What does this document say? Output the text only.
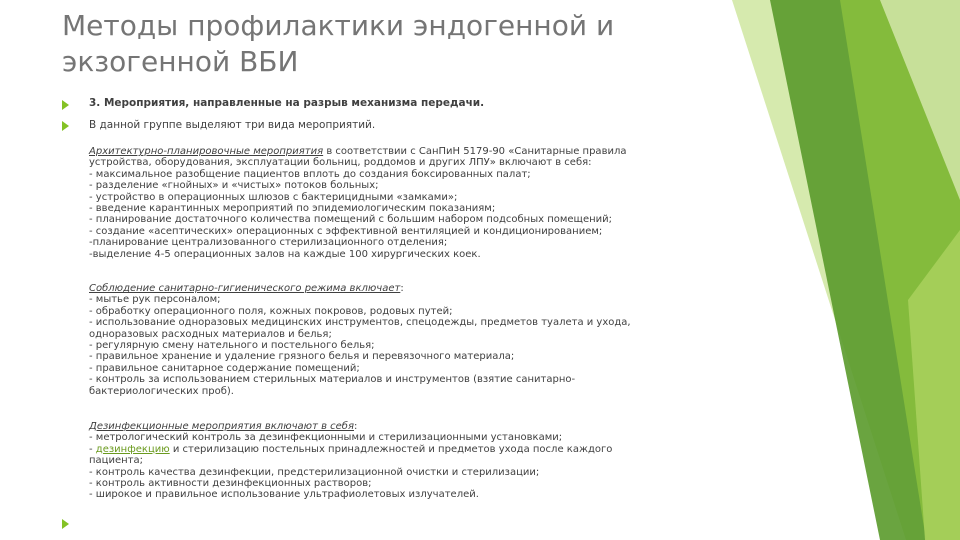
Методы профилактики эндогенной и экзогенной ВБИ
3. Мероприятия, направленные на разрыв механизма передачи.
В данной группе выделяют три вида мероприятий.
Архитектурно-планировочные мероприятия в соответствии с СанПиН 5179-90 «Санитарные правила
устройства, оборудования, эксплуатации больниц, роддомов и других ЛПУ» включают в себя:
- максимальное разобщение пациентов вплоть до создания боксированных палат;
- разделение «гнойных» и «чистых» потоков больных;
- устройство в операционных шлюзов с бактерицидными «замками»;
- введение карантинных мероприятий по эпидемиологическим показаниям;
- планирование достаточного количества помещений с большим набором подсобных помещений;
- создание «асептических» операционных с эффективной вентиляцией и кондиционированием;
-планирование централизованного стерилизационного отделения;
-выделение 4-5 операционных залов на каждые 100 хирургических коек.
Соблюдение санитарно-гигиенического режима включает:
- мытье рук персоналом;
- обработку операционного поля, кожных покровов, родовых путей;
- использование одноразовых медицинских инструментов, спецодежды, предметов туалета и ухода,
одноразовых расходных материалов и белья;
- регулярную смену нательного и постельного белья;
- правильное хранение и удаление грязного белья и перевязочного материала;
- правильное санитарное содержание помещений;
- контроль за использованием стерильных материалов и инструментов (взятие санитарно-
бактериологических проб).
Дезинфекционные мероприятия включают в себя:
- метрологический контроль за дезинфекционными и стерилизационными установками;
- дезинфекцию и стерилизацию постельных принадлежностей и предметов ухода после каждого
пациента;
- контроль качества дезинфекции, предстерилизационной очистки и стерилизации;
- контроль активности дезинфекционных растворов;
- широкое и правильное использование ультрафиолетовых излучателей.
